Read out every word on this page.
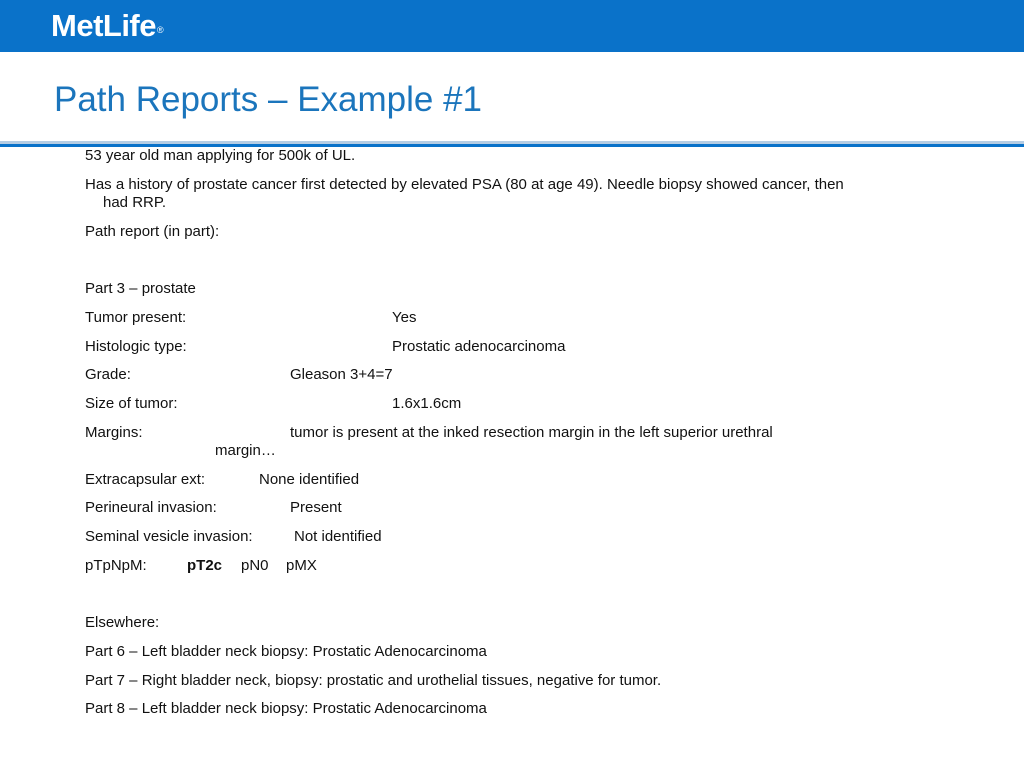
MetLife®
Path Reports – Example #1
53 year old man applying for 500k of UL.
Has a history of prostate cancer first detected by elevated PSA (80 at age 49). Needle biopsy showed cancer, then
had RRP.
Path report (in part):
Part 3 – prostate
Tumor present:	Yes
Histologic type:	Prostatic adenocarcinoma
Grade:	Gleason 3+4=7
Size of tumor:	1.6x1.6cm
Margins:	tumor is present at the inked resection margin in the left superior urethral
margin…
Extracapsular ext:	None identified
Perineural invasion:	Present
Seminal vesicle invasion:	Not identified
pTpNpM:	pT2c pN0 pMX
Elsewhere:
Part 6 – Left bladder neck biopsy: Prostatic Adenocarcinoma
Part 7 – Right bladder neck, biopsy: prostatic and urothelial tissues, negative for tumor.
Part 8 – Left bladder neck biopsy: Prostatic Adenocarcinoma
